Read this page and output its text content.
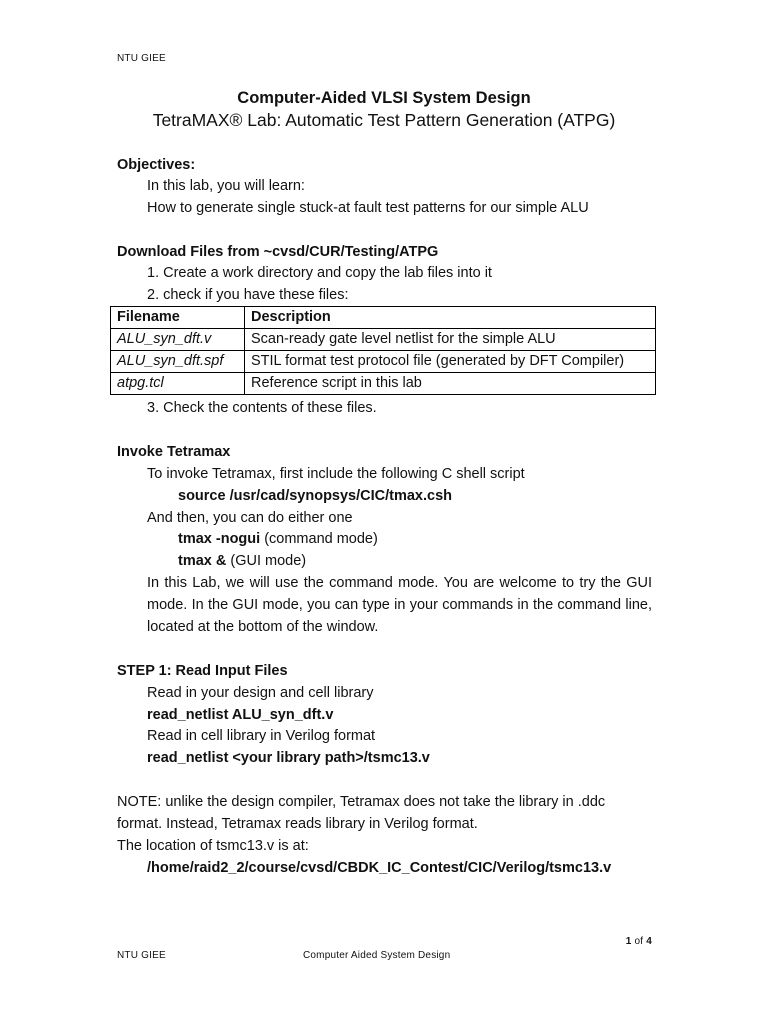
NTU GIEE
Computer-Aided VLSI System Design
TetraMAX® Lab: Automatic Test Pattern Generation (ATPG)
Objectives:
In this lab, you will learn:
How to generate single stuck-at fault test patterns for our simple ALU
Download Files from ~cvsd/CUR/Testing/ATPG
1. Create a work directory and copy the lab files into it
2. check if you have these files:
Filename	Description
ALU_syn_dft.v	Scan-ready gate level netlist for the simple ALU
ALU_syn_dft.spf	STIL format test protocol file (generated by DFT Compiler)
atpg.tcl	Reference script in this lab
3. Check the contents of these files.
Invoke Tetramax
To invoke Tetramax, first include the following C shell script
source /usr/cad/synopsys/CIC/tmax.csh
And then, you can do either one
tmax -nogui (command mode)
tmax & (GUI mode)
In this Lab, we will use the command mode. You are welcome to try the GUI mode. In the GUI mode, you can type in your commands in the command line, located at the bottom of the window.
STEP 1: Read Input Files
Read in your design and cell library
read_netlist ALU_syn_dft.v
Read in cell library in Verilog format
read_netlist <your library path>/tsmc13.v
NOTE: unlike the design compiler, Tetramax does not take the library in .ddc
format. Instead, Tetramax reads library in Verilog format.
The location of tsmc13.v is at:
/home/raid2_2/course/cvsd/CBDK_IC_Contest/CIC/Verilog/tsmc13.v
1 of 4
NTU GIEE	Computer Aided System Design
